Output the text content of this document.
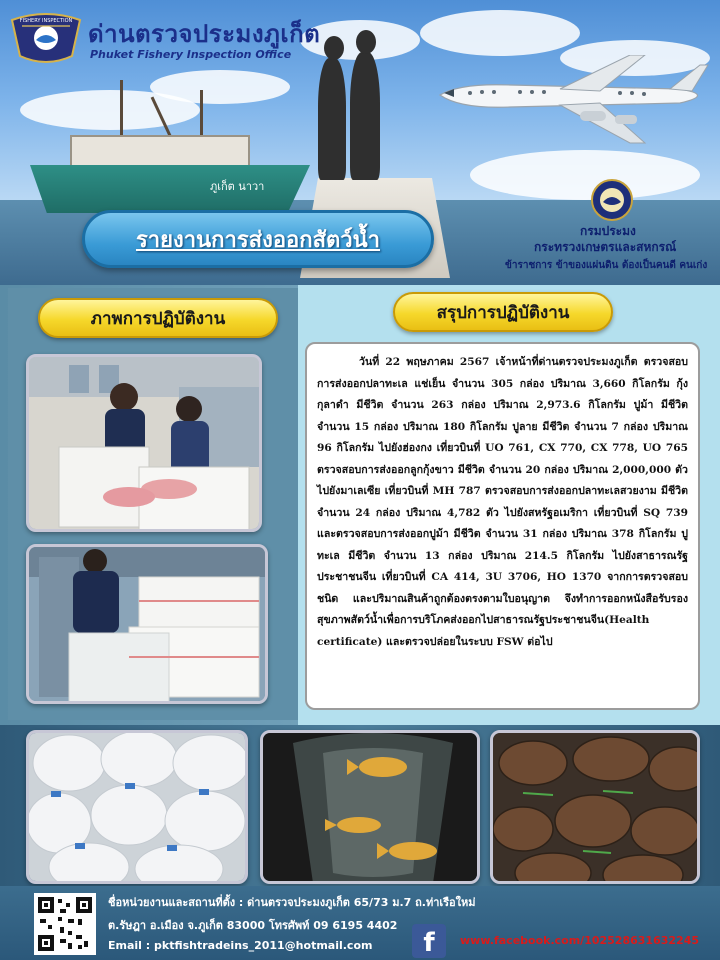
ภูเก็ต นาวา
FISHERY INSPECTION ด่านตรวจประมงภูเก็ต
Phuket Fishery Inspection Office
กรมประมง
กระทรวงเกษตรและสหกรณ์
ข้าราชการ ข้าของแผ่นดิน ต้องเป็นคนดี คนเก่ง
รายงานการส่งออกสัตว์น้ำ
ภาพการปฏิบัติงาน	สรุปการปฏิบัติงาน

วันที่ 22 พฤษภาคม 2567 เจ้าหน้าที่ด่านตรวจประมงภูเก็ต ตรวจสอบการส่งออกปลาทะเล แช่เย็น จำนวน 305 กล่อง ปริมาณ 3,660 กิโลกรัม กุ้งกุลาดำ มีชีวิต จำนวน 263 กล่อง ปริมาณ 2,973.6 กิโลกรัม ปูม้า มีชีวิต จำนวน 15 กล่อง ปริมาณ 180 กิโลกรัม ปูลาย มีชีวิต จำนวน 7 กล่อง ปริมาณ 96 กิโลกรัม ไปยังฮ่องกง เที่ยวบินที่ UO 761, CX 770, CX 778, UO 765 ตรวจสอบการส่งออกลูกกุ้งขาว มีชีวิต จำนวน 20 กล่อง ปริมาณ 2,000,000 ตัว ไปยังมาเลเซีย เที่ยวบินที่ MH 787 ตรวจสอบการส่งออกปลาทะเลสวยงาม มีชีวิตจำนวน 24 กล่อง ปริมาณ 4,782 ตัว ไปยังสหรัฐอเมริกา เที่ยวบินที่ SQ 739 และตรวจสอบการส่งออกปูม้า มีชีวิต จำนวน 31 กล่อง ปริมาณ 378 กิโลกรัม ปูทะเล มีชีวิต จำนวน 13 กล่อง ปริมาณ 214.5 กิโลกรัม ไปยังสาธารณรัฐประชาชนจีน เที่ยวบินที่ CA 414, 3U 3706, HO 1370 จากการตรวจสอบชนิด และปริมาณสินค้าถูกต้องตรงตามใบอนุญาต จึงทำการออกหนังสือรับรองสุขภาพสัตว์น้ำเพื่อการบริโภคส่งออกไปสาธารณรัฐประชาชนจีน(Health certificate) และตรวจปล่อยในระบบ FSW ต่อไป

ชื่อหน่วยงานและสถานที่ตั้ง : ด่านตรวจประมงภูเก็ต 65/73 ม.7 ถ.ท่าเรือใหม่
ต.รัษฎา อ.เมือง จ.ภูเก็ต 83000 โทรศัพท์ 09 6195 4402
Email : pktfishtradeins_2011@hotmail.com f www.facebook.com/102528631632245
